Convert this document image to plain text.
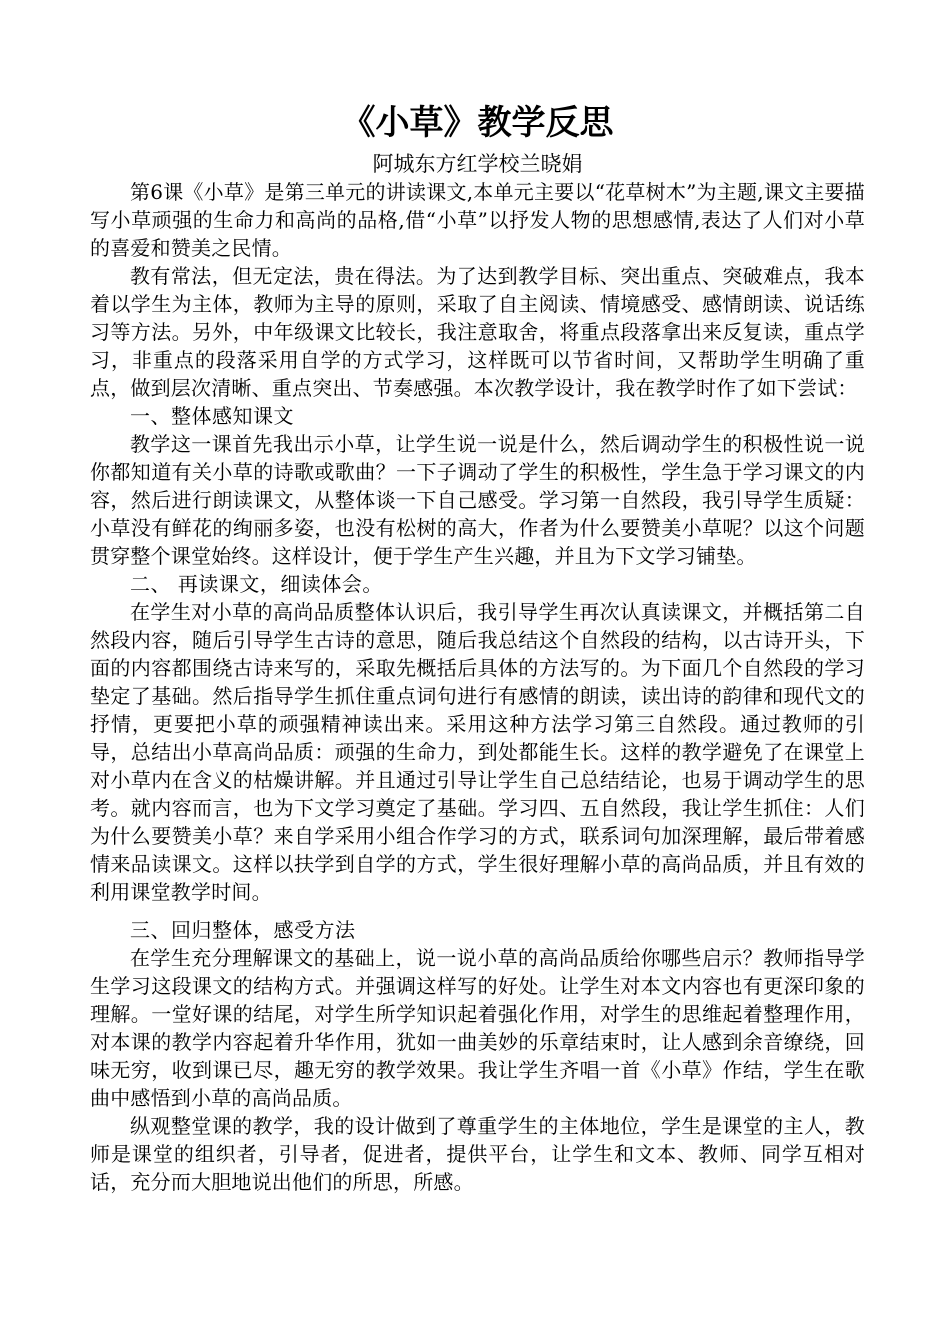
《小草》教学反思

阿城东方红学校兰晓娟

第6课《小草》是第三单元的讲读课文,本单元主要以“花草树木”为主题,课文主要描写小草顽强的生命力和高尚的品格,借“小草”以抒发人物的思想感情,表达了人们对小草的喜爱和赞美之民情。

教有常法，但无定法，贵在得法。为了达到教学目标、突出重点、突破难点，我本着以学生为主体，教师为主导的原则，采取了自主阅读、情境感受、感情朗读、说话练习等方法。另外，中年级课文比较长，我注意取舍，将重点段落拿出来反复读，重点学习，非重点的段落采用自学的方式学习，这样既可以节省时间，又帮助学生明确了重点，做到层次清晰、重点突出、节奏感强。本次教学设计，我在教学时作了如下尝试：

一、整体感知课文

教学这一课首先我出示小草，让学生说一说是什么，然后调动学生的积极性说一说你都知道有关小草的诗歌或歌曲？一下子调动了学生的积极性，学生急于学习课文的内容，然后进行朗读课文，从整体谈一下自己感受。学习第一自然段，我引导学生质疑：小草没有鲜花的绚丽多姿，也没有松树的高大，作者为什么要赞美小草呢？以这个问题贯穿整个课堂始终。这样设计，便于学生产生兴趣，并且为下文学习铺垫。

二、 再读课文，细读体会。

在学生对小草的高尚品质整体认识后，我引导学生再次认真读课文，并概括第二自然段内容，随后引导学生古诗的意思，随后我总结这个自然段的结构，以古诗开头，下面的内容都围绕古诗来写的，采取先概括后具体的方法写的。为下面几个自然段的学习垫定了基础。然后指导学生抓住重点词句进行有感情的朗读，读出诗的韵律和现代文的抒情，更要把小草的顽强精神读出来。采用这种方法学习第三自然段。通过教师的引导，总结出小草高尚品质：顽强的生命力，到处都能生长。这样的教学避免了在课堂上对小草内在含义的枯燥讲解。并且通过引导让学生自己总结结论，也易于调动学生的思考。就内容而言，也为下文学习奠定了基础。学习四、五自然段，我让学生抓住：人们为什么要赞美小草？来自学采用小组合作学习的方式，联系词句加深理解，最后带着感情来品读课文。这样以扶学到自学的方式，学生很好理解小草的高尚品质，并且有效的利用课堂教学时间。

三、回归整体，感受方法

在学生充分理解课文的基础上，说一说小草的高尚品质给你哪些启示？教师指导学生学习这段课文的结构方式。并强调这样写的好处。让学生对本文内容也有更深印象的理解。一堂好课的结尾，对学生所学知识起着强化作用，对学生的思维起着整理作用，对本课的教学内容起着升华作用，犹如一曲美妙的乐章结束时，让人感到余音缭绕，回味无穷，收到课已尽，趣无穷的教学效果。我让学生齐唱一首《小草》作结，学生在歌曲中感悟到小草的高尚品质。

纵观整堂课的教学，我的设计做到了尊重学生的主体地位，学生是课堂的主人，教师是课堂的组织者，引导者，促进者，提供平台，让学生和文本、教师、同学互相对话，充分而大胆地说出他们的所思，所感。
